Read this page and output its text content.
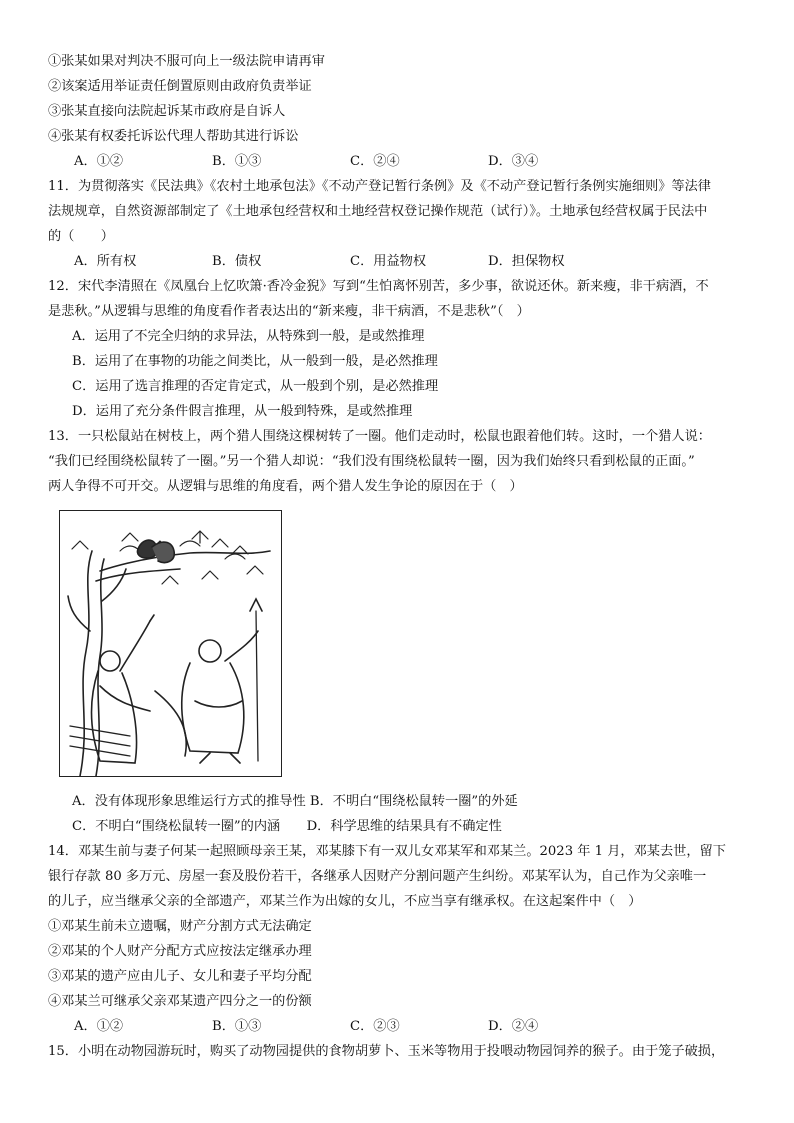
①张某如果对判决不服可向上一级法院申请再审
②该案适用举证责任倒置原则由政府负责举证
③张某直接向法院起诉某市政府是自诉人
④张某有权委托诉讼代理人帮助其进行诉讼
A．①②	B．①③	C．②④	D．③④
11．为贯彻落实《民法典》《农村土地承包法》《不动产登记暂行条例》及《不动产登记暂行条例实施细则》等法律
法规规章，自然资源部制定了《土地承包经营权和土地经营权登记操作规范（试行）》。土地承包经营权属于民法中
的（　　）
A．所有权	B．债权	C．用益物权	D．担保物权
12．宋代李清照在《凤凰台上忆吹箫·香冷金猊》写到“生怕离怀别苦，多少事，欲说还休。新来瘦，非干病酒，不
是悲秋。”从逻辑与思维的角度看作者表达出的“新来瘦，非干病酒，不是悲秋”（　）
A．运用了不完全归纳的求异法，从特殊到一般，是或然推理
B．运用了在事物的功能之间类比，从一般到一般，是必然推理
C．运用了选言推理的否定肯定式，从一般到个别，是必然推理
D．运用了充分条件假言推理，从一般到特殊，是或然推理
13．一只松鼠站在树枝上，两个猎人围绕这棵树转了一圈。他们走动时，松鼠也跟着他们转。这时，一个猎人说：
“我们已经围绕松鼠转了一圈。”另一个猎人却说：“我们没有围绕松鼠转一圈，因为我们始终只看到松鼠的正面。”
两人争得不可开交。从逻辑与思维的角度看，两个猎人发生争论的原因在于（　）
A．没有体现形象思维运行方式的推导性 B．不明白“围绕松鼠转一圈”的外延
C．不明白“围绕松鼠转一圈”的内涵　　D．科学思维的结果具有不确定性
14．邓某生前与妻子何某一起照顾母亲王某，邓某膝下有一双儿女邓某军和邓某兰。2023 年 1 月，邓某去世，留下
银行存款 80 多万元、房屋一套及股份若干，各继承人因财产分割问题产生纠纷。邓某军认为，自己作为父亲唯一
的儿子，应当继承父亲的全部遗产，邓某兰作为出嫁的女儿，不应当享有继承权。在这起案件中（　）
①邓某生前未立遗嘱，财产分割方式无法确定
②邓某的个人财产分配方式应按法定继承办理
③邓某的遗产应由儿子、女儿和妻子平均分配
④邓某兰可继承父亲邓某遗产四分之一的份额
A．①②	B．①③	C．②③	D．②④
15．小明在动物园游玩时，购买了动物园提供的食物胡萝卜、玉米等物用于投喂动物园饲养的猴子。由于笼子破损，
